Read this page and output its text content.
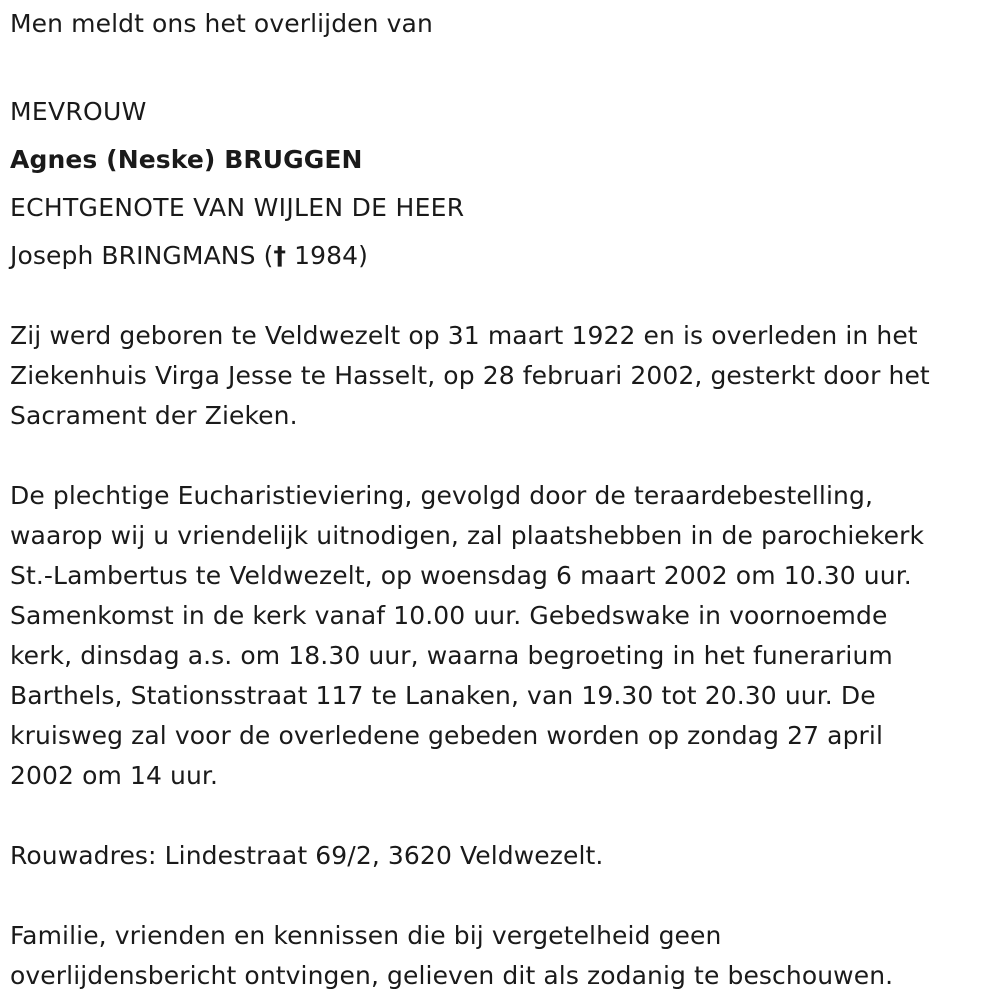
Men meldt ons het overlijden van
MEVROUW
Agnes (Neske) BRUGGEN
ECHTGENOTE VAN WIJLEN DE HEER
Joseph BRINGMANS († 1984)
Zij werd geboren te Veldwezelt op 31 maart 1922 en is overleden in het
Ziekenhuis Virga Jesse te Hasselt, op 28 februari 2002, gesterkt door het
Sacrament der Zieken.
De plechtige Eucharistieviering, gevolgd door de teraardebestelling,
waarop wij u vriendelijk uitnodigen, zal plaatshebben in de parochiekerk
St.-Lambertus te Veldwezelt, op woensdag 6 maart 2002 om 10.30 uur.
Samenkomst in de kerk vanaf 10.00 uur. Gebedswake in voornoemde
kerk, dinsdag a.s. om 18.30 uur, waarna begroeting in het funerarium
Barthels, Stationsstraat 117 te Lanaken, van 19.30 tot 20.30 uur. De
kruisweg zal voor de overledene gebeden worden op zondag 27 april
2002 om 14 uur.
Rouwadres: Lindestraat 69/2, 3620 Veldwezelt.
Familie, vrienden en kennissen die bij vergetelheid geen
overlijdensbericht ontvingen, gelieven dit als zodanig te beschouwen.
